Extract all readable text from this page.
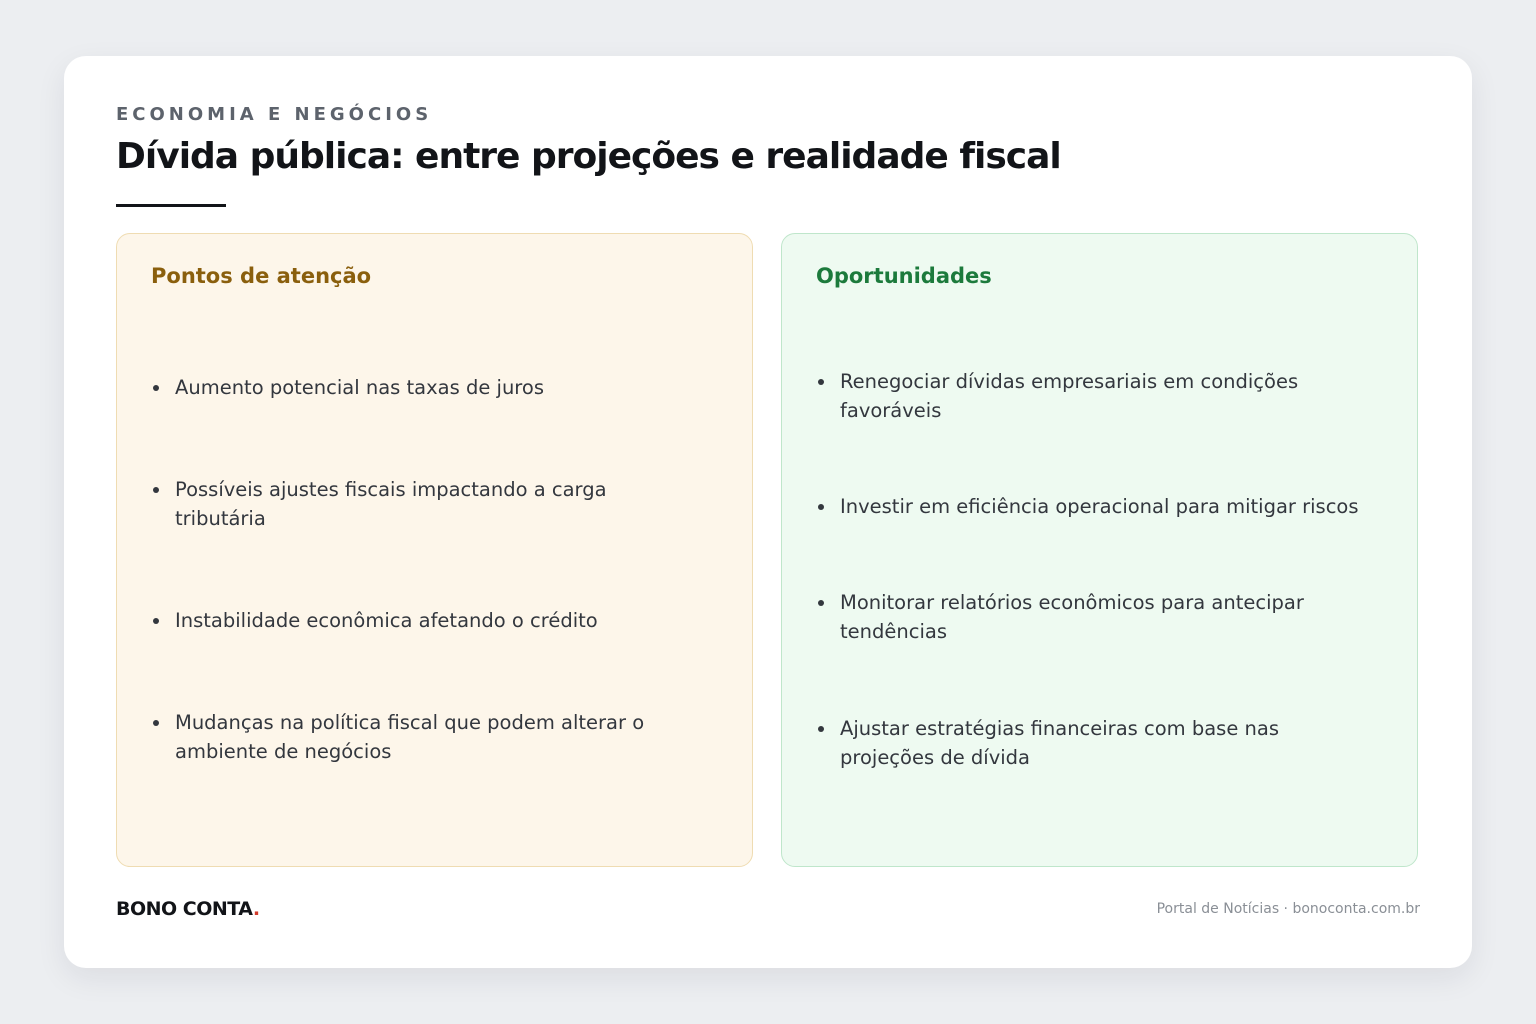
ECONOMIA E NEGÓCIOS
Dívida pública: entre projeções e realidade fiscal
Pontos de atenção
Aumento potencial nas taxas de juros
Possíveis ajustes fiscais impactando a carga tributária
Instabilidade econômica afetando o crédito
Mudanças na política fiscal que podem alterar o ambiente de negócios
Oportunidades
Renegociar dívidas empresariais em condições favoráveis
Investir em eficiência operacional para mitigar riscos
Monitorar relatórios econômicos para antecipar tendências
Ajustar estratégias financeiras com base nas projeções de dívida
BONO CONTA.	Portal de Notícias · bonoconta.com.br
